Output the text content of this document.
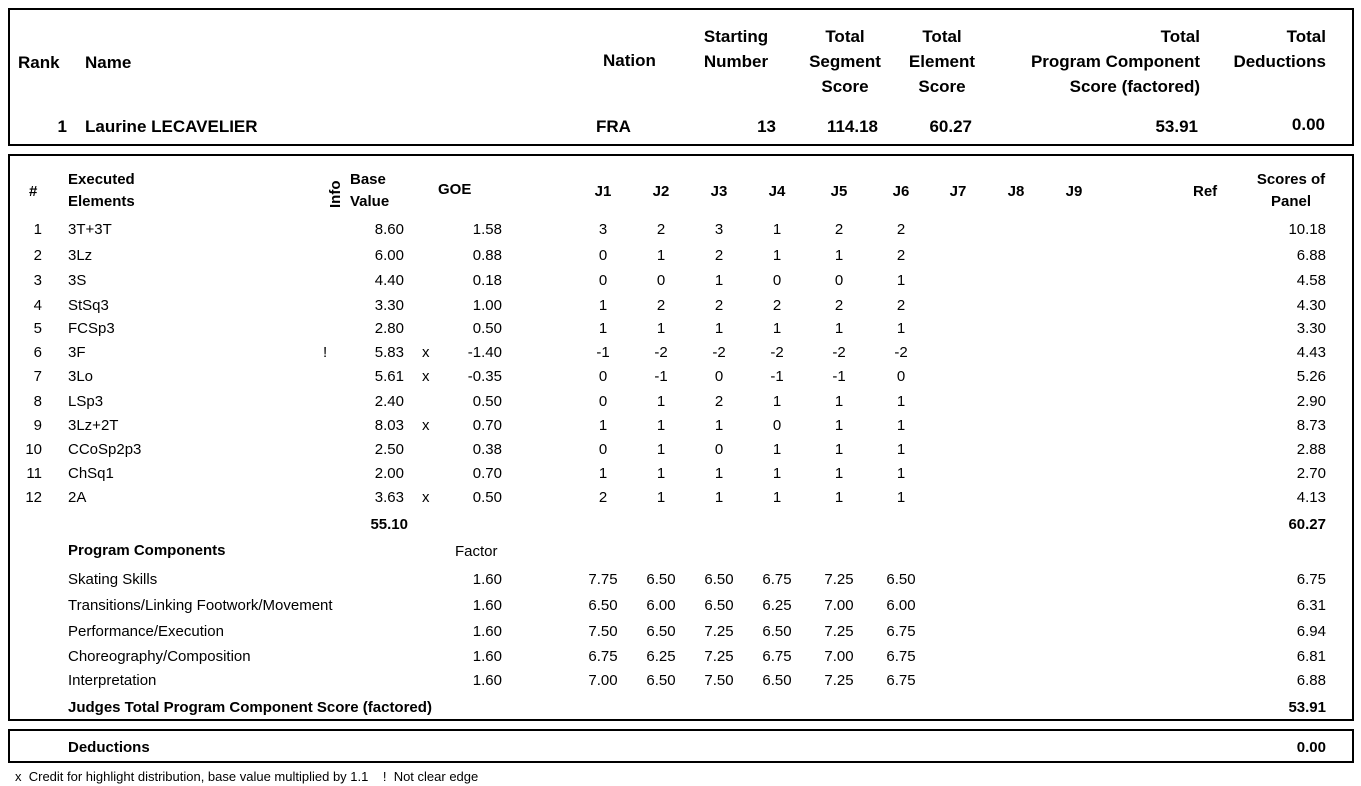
Rank Name	Nation
Starting
Number
Total
Segment
Score
Total
Element
Score
Total
Program Component
Score (factored)
Total
Deductions
1 Laurine LECAVELIER	FRA	13	114.18	60.27	53.91	0.00
#
Executed
Elements	Info
Base
Value
GOE	J1	J2	J3	J4	J5	J6	J7	J8	J9	Ref
Scores of
Panel
1 3T+3T	8.60	1.58	3	2	3	1	2	2	10.18
2 3Lz	6.00	0.88	0	1	2	1	1	2	6.88
3 3S	4.40	0.18	0	0	1	0	0	1	4.58
4 StSq3	3.30	1.00	1	2	2	2	2	2	4.30
5 FCSp3	2.80	0.50	1	1	1	1	1	1	3.30
6 3F	!	5.83 x	-1.40	-1	-2	-2	-2	-2	-2	4.43
7 3Lo	5.61 x	-0.35	0	-1	0	-1	-1	0	5.26
8 LSp3	2.40	0.50	0	1	2	1	1	1	2.90
9 3Lz+2T	8.03 x	0.70	1	1	1	0	1	1	8.73
10 CCoSp2p3	2.50	0.38	0	1	0	1	1	1	2.88
11 ChSq1	2.00	0.70	1	1	1	1	1	1	2.70
12 2A	3.63 x	0.50	2	1	1	1	1	1	4.13
55.10	60.27
Program Components	Factor
Skating Skills	1.60	7.75	6.50	6.50	6.75	7.25	6.50	6.75
Transitions/Linking Footwork/Movement	1.60	6.50	6.00	6.50	6.25	7.00	6.00	6.31
Performance/Execution	1.60	7.50	6.50	7.25	6.50	7.25	6.75	6.94
Choreography/Composition	1.60	6.75	6.25	7.25	6.75	7.00	6.75	6.81
Interpretation	1.60	7.00	6.50	7.50	6.50	7.25	6.75	6.88
Judges Total Program Component Score (factored)	53.91
Deductions	0.00
x Credit for highlight distribution, base value multiplied by 1.1 ! Not clear edge
